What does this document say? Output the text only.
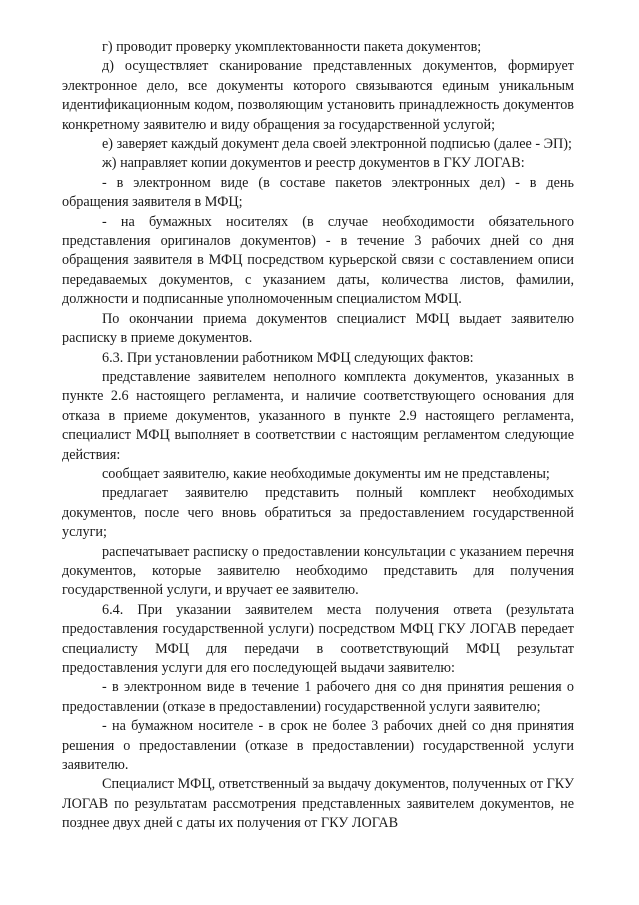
г) проводит проверку укомплектованности пакета документов;

д) осуществляет сканирование представленных документов, формирует электронное дело, все документы которого связываются единым уникальным идентификационным кодом, позволяющим установить принадлежность документов конкретному заявителю и виду обращения за государственной услугой;

е) заверяет каждый документ дела своей электронной подписью (далее - ЭП);

ж) направляет копии документов и реестр документов в ГКУ ЛОГАВ:

- в электронном виде (в составе пакетов электронных дел) - в день обращения заявителя в МФЦ;

- на бумажных носителях (в случае необходимости обязательного представления оригиналов документов) - в течение 3 рабочих дней со дня обращения заявителя в МФЦ посредством курьерской связи с составлением описи передаваемых документов, с указанием даты, количества листов, фамилии, должности и подписанные уполномоченным специалистом МФЦ.

По окончании приема документов специалист МФЦ выдает заявителю расписку в приеме документов.

6.3. При установлении работником МФЦ следующих фактов:

представление заявителем неполного комплекта документов, указанных в пункте 2.6 настоящего регламента, и наличие соответствующего основания для отказа в приеме документов, указанного в пункте 2.9 настоящего регламента, специалист МФЦ выполняет в соответствии с настоящим регламентом следующие действия:

сообщает заявителю, какие необходимые документы им не представлены;

предлагает заявителю представить полный комплект необходимых документов, после чего вновь обратиться за предоставлением государственной услуги;

распечатывает расписку о предоставлении консультации с указанием перечня документов, которые заявителю необходимо представить для получения государственной услуги, и вручает ее заявителю.

6.4. При указании заявителем места получения ответа (результата предоставления государственной услуги) посредством МФЦ ГКУ ЛОГАВ передает специалисту МФЦ для передачи в соответствующий МФЦ результат предоставления услуги для его последующей выдачи заявителю:

- в электронном виде в течение 1 рабочего дня со дня принятия решения о предоставлении (отказе в предоставлении) государственной услуги заявителю;

- на бумажном носителе - в срок не более 3 рабочих дней со дня принятия решения о предоставлении (отказе в предоставлении) государственной услуги заявителю.

Специалист МФЦ, ответственный за выдачу документов, полученных от ГКУ ЛОГАВ по результатам рассмотрения представленных заявителем документов, не позднее двух дней с даты их получения от ГКУ ЛОГАВ
